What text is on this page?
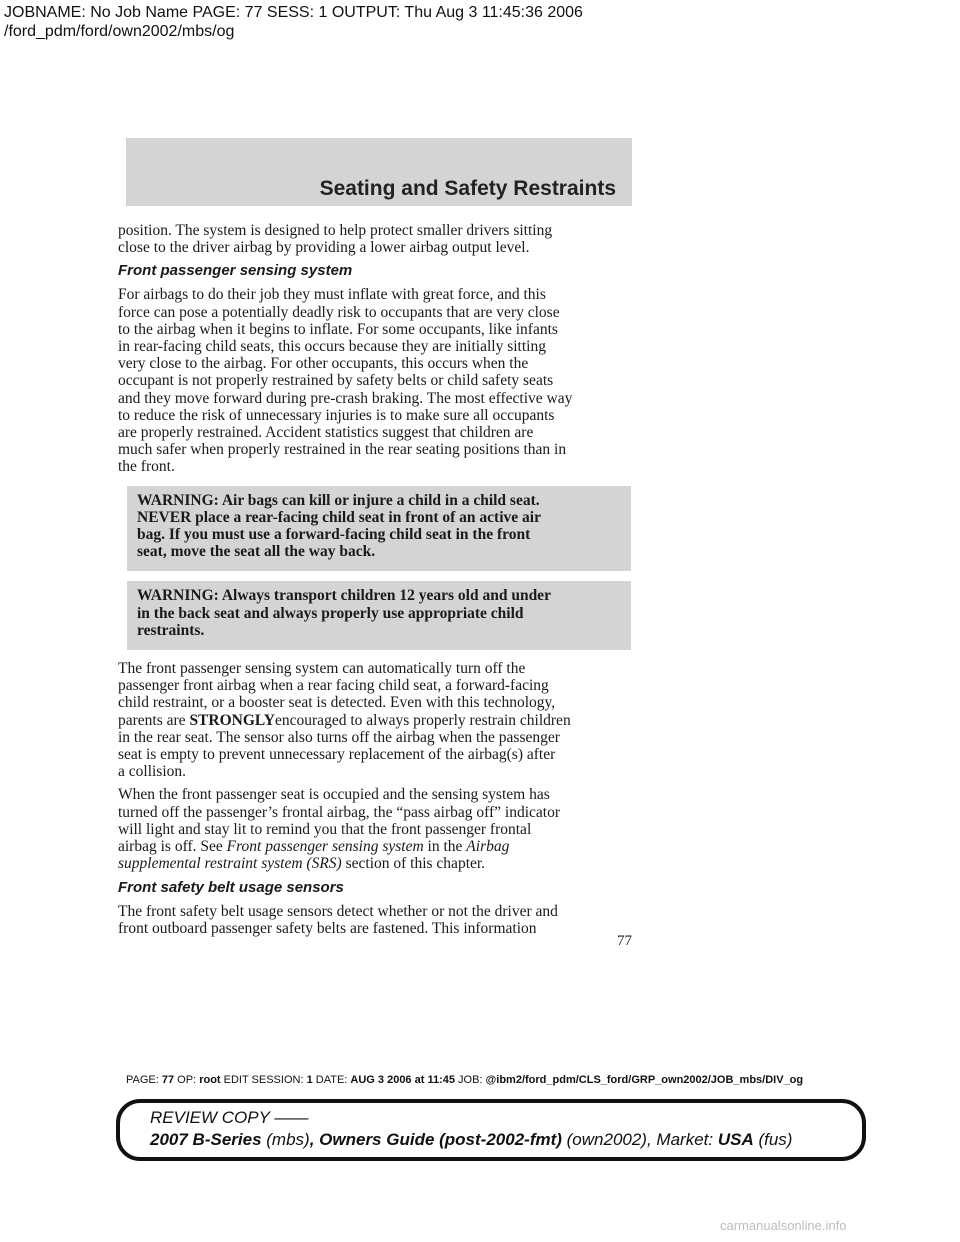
JOBNAME: No Job Name PAGE: 77 SESS: 1 OUTPUT: Thu Aug 3 11:45:36 2006
/ford_pdm/ford/own2002/mbs/og
Seating and Safety Restraints

position. The system is designed to help protect smaller drivers sitting
close to the driver airbag by providing a lower airbag output level.

Front passenger sensing system

For airbags to do their job they must inflate with great force, and this
force can pose a potentially deadly risk to occupants that are very close
to the airbag when it begins to inflate. For some occupants, like infants
in rear-facing child seats, this occurs because they are initially sitting
very close to the airbag. For other occupants, this occurs when the
occupant is not properly restrained by safety belts or child safety seats
and they move forward during pre-crash braking. The most effective way
to reduce the risk of unnecessary injuries is to make sure all occupants
are properly restrained. Accident statistics suggest that children are
much safer when properly restrained in the rear seating positions than in
the front.

WARNING: Air bags can kill or injure a child in a child seat.
NEVER place a rear-facing child seat in front of an active air
bag. If you must use a forward-facing child seat in the front
seat, move the seat all the way back.
WARNING: Always transport children 12 years old and under
in the back seat and always properly use appropriate child
restraints.

The front passenger sensing system can automatically turn off the
passenger front airbag when a rear facing child seat, a forward-facing
child restraint, or a booster seat is detected. Even with this technology,
parents are STRONGLYencouraged to always properly restrain children
in the rear seat. The sensor also turns off the airbag when the passenger
seat is empty to prevent unnecessary replacement of the airbag(s) after
a collision.

When the front passenger seat is occupied and the sensing system has
turned off the passenger’s frontal airbag, the “pass airbag off” indicator
will light and stay lit to remind you that the front passenger frontal
airbag is off. See Front passenger sensing system in the Airbag
supplemental restraint system (SRS) section of this chapter.

Front safety belt usage sensors

The front safety belt usage sensors detect whether or not the driver and
front outboard passenger safety belts are fastened. This information

77
PAGE: 77 OP: root EDIT SESSION: 1 DATE: AUG 3 2006 at 11:45 JOB: @ibm2/ford_pdm/CLS_ford/GRP_own2002/JOB_mbs/DIV_og
REVIEW COPY ——
2007 B-Series (mbs), Owners Guide (post-2002-fmt) (own2002), Market: USA (fus)
carmanualsonline.info
